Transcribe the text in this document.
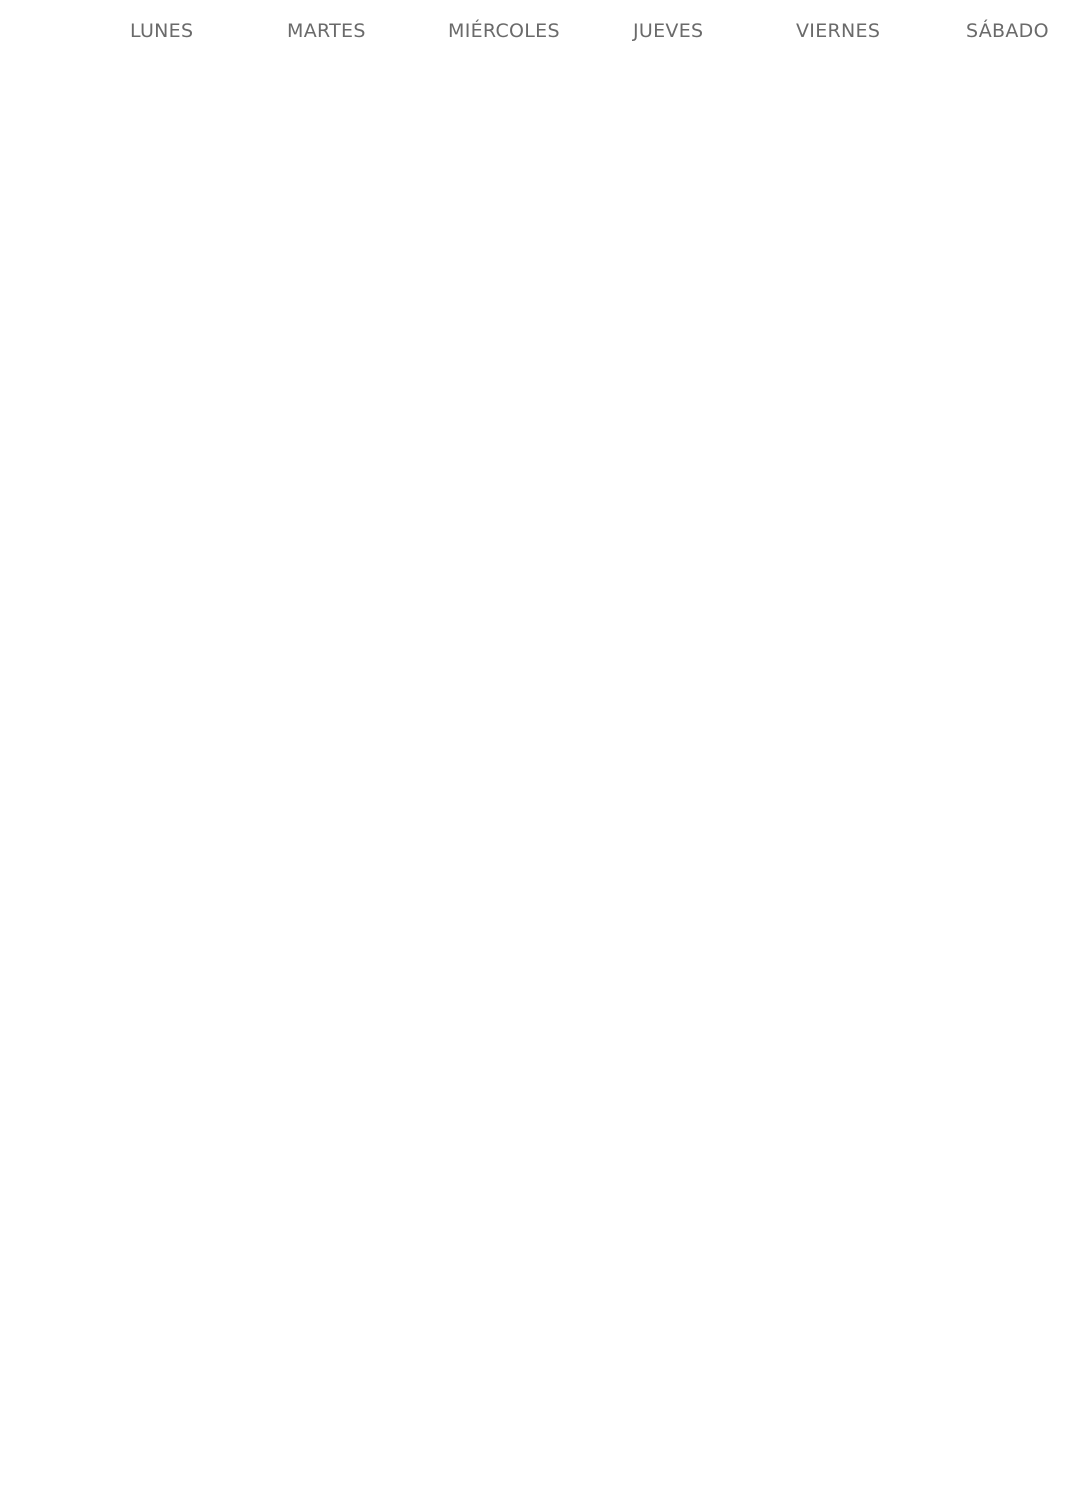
LUNES	MARTES	MIÉRCOLES	JUEVES	VIERNES	SÁBADO
